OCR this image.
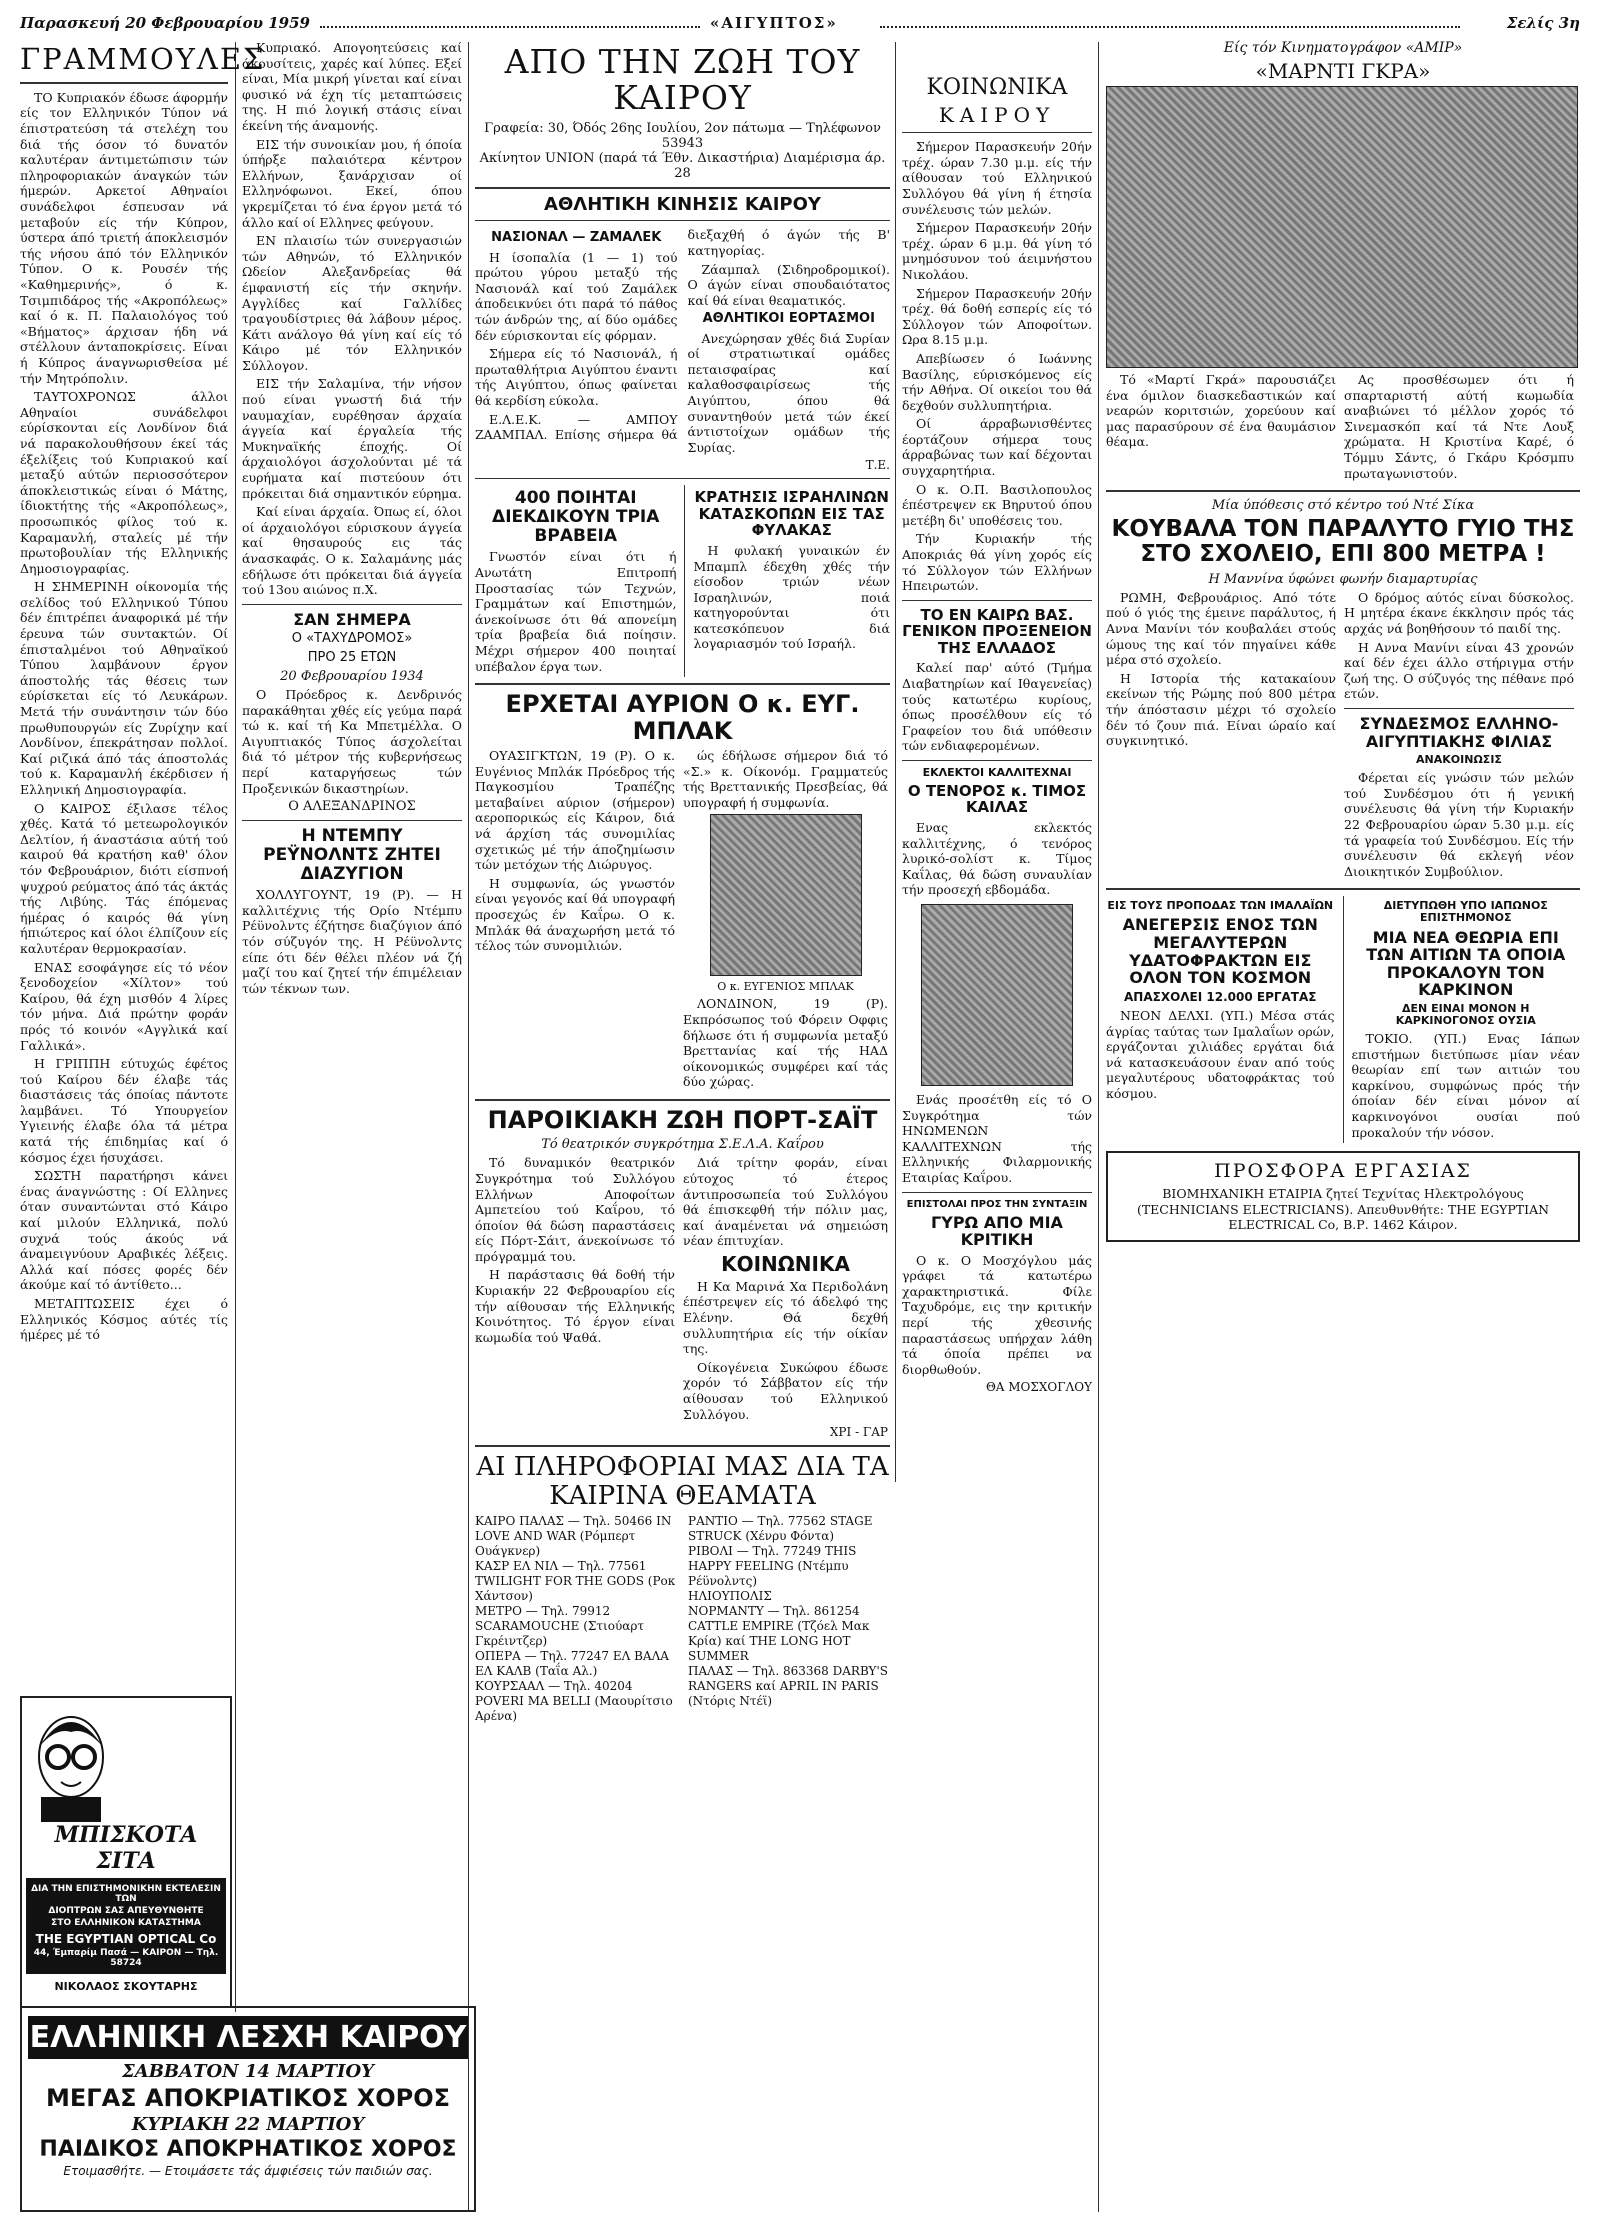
Παρασκευή 20 Φεβρουαρίου 1959	«ΑΙΓΥΠΤΟΣ»	Σελίς 3η
ΓΡΑΜΜΟΥΛΕΣ

ΤΟ Κυπριακόν έδωσε άφορμήν είς τον Ελληνικόν Τύπον νά έπιστρατεύση τά στελέχη του διά τής όσον τό δυνατόν καλυτέραν άντιμετώπισιν τών πληροφοριακών άναγκών τών ήμερών. Αρκετοί Αθηναίοι συνάδελφοι έσπευσαν νά μεταβούν είς τήν Κύπρον, ύστερα άπό τριετή άποκλεισμόν τής νήσου άπό τόν Ελληνικόν Τύπον. Ο κ. Ρουσέν τής «Καθημερινής», ό κ. Τσιμπιδάρος τής «Ακροπόλεως» καί ό κ. Π. Παλαιολόγος τού «Βήματος» άρχισαν ήδη νά στέλλουν άνταποκρίσεις. Είναι ή Κύπρος άναγνωρισθείσα μέ τήν Μητρόπολιν.

ΤΑΥΤΟΧΡΟΝΩΣ άλλοι Αθηναίοι συνάδελφοι εύρίσκονται είς Λονδίνον διά νά παρακολουθήσουν έκεί τάς έξελίξεις τού Κυπριακού καί μεταξύ αύτών περιοσσότερον άποκλειστικώς είναι ό Μάτης, ίδιοκτήτης τής «Ακροπόλεως», προσωπικός φίλος τού κ. Καραμανλή, σταλείς μέ τήν πρωτοβουλίαν τής Ελληνικής Δημοσιογραφίας.

Η ΣΗΜΕΡΙΝΗ οίκονομία τής σελίδος τού Ελληνικού Τύπου δέν έπιτρέπει άναφορικά μέ τήν έρευνα τών συντακτών. Οί έπισταλμένοι τού Αθηναϊκού Τύπου λαμβάνουν έργον άποστολής τάς θέσεις των εύρίσκεται είς τό Λευκάρων. Μετά τήν συνάντησιν τών δύο πρωθυπουργών είς Ζυρίχην καί Λονδίνον, έπεκράτησαν πολλοί. Καί ριζικά άπό τάς άποστολάς τού κ. Καραμανλή έκέρδισεν ή Ελληνική Δημοσιογραφία.

Ο ΚΑΙΡΟΣ έξιλασε τέλος χθές. Κατά τό μετεωρολογικόν Δελτίον, ή άναστάσια αύτή τού καιρού θά κρατήση καθ' όλον τόν Φεβρουάριον, διότι είσπνοή ψυχρού ρεύματος άπό τάς άκτάς τής Λιβύης. Τάς έπόμενας ήμέρας ό καιρός θά γίνη ήπιώτερος καί όλοι έλπίζουν είς καλυτέραν θερμοκρασίαν.

ΕΝΑΣ εσοφάγησε είς τό νέον ξενοδοχείον «Χίλτον» τού Καίρου, θά έχη μισθόν 4 λίρες τόν μήνα. Διά πρώτην φοράν πρός τό κοινόν «Αγγλικά καί Γαλλικά».

Η ΓΡΙΠΠΗ εύτυχώς έφέτος τού Καίρου δέν έλαβε τάς διαστάσεις τάς όποίας πάντοτε λαμβάνει. Τό Υπουργείον Υγιεινής έλαβε όλα τά μέτρα κατά τής έπιδημίας καί ό κόσμος έχει ήσυχάσει.

ΣΩΣΤΗ παρατήρησι κάνει ένας άναγνώστης : Οί Ελληνες όταν συναντώνται στό Κάιρο καί μιλούν Ελληνικά, πολύ συχνά τούς άκούς νά άναμειγνύουν Αραβικές λέξεις. Αλλά καί πόσες φορές δέν άκούμε καί τό άντίθετο...

ΜΕΤΑΠΤΩΣΕΙΣ έχει ό Ελληνικός Κόσμος αύτές τίς ήμέρες μέ τό

ΜΠΙΣΚΟΤΑ ΣΙΤΑ
ΔΙΑ ΤΗΝ ΕΠΙΣΤΗΜΟΝΙΚΗΝ ΕΚΤΕΛΕΣΙΝ ΤΩΝ
ΔΙΟΠΤΡΩΝ ΣΑΣ ΑΠΕΥΘΥΝΘΗΤΕ
ΣΤΟ ΕΛΛΗΝΙΚΟΝ ΚΑΤΑΣΤΗΜΑ
THE EGYPTIAN OPTICAL Co
44, Έμπαρίμ Πασά — ΚΑΙΡΟΝ — Τηλ. 58724
ΝΙΚΟΛΑΟΣ ΣΚΟΥΤΑΡΗΣ

Κυπριακό. Απογοητεύσεις καί άκουσίτεις, χαρές καί λύπες. Εξεί είναι, Μία μικρή γίνεται καί είναι φυσικό νά έχη τίς μεταπτώσεις της. Η πιό λογική στάσις είναι έκείνη τής άναμονής.

ΕΙΣ τήν συνοικίαν μου, ή όποία ύπήρξε παλαιότερα κέντρον Ελλήνων, ξανάρχισαν οί Ελληνόφωνοι. Εκεί, όπου γκρεμίζεται τό ένα έργον μετά τό άλλο καί οί Ελληνες φεύγουν.

ΕΝ πλαισίω τών συνεργασιών τών Αθηνών, τό Ελληνικόν Ωδείον Αλεξανδρείας θά έμφανιστή είς τήν σκηνήν. Αγγλίδες καί Γαλλίδες τραγουδίστριες θά λάβουν μέρος. Κάτι ανάλογο θά γίνη καί είς τό Κάιρο μέ τόν Ελληνικόν Σύλλογον.

ΕΙΣ τήν Σαλαμίνα, τήν νήσον πού είναι γνωστή διά τήν ναυμαχίαν, ευρέθησαν άρχαία άγγεία καί έργαλεία τής Μυκηναϊκής έποχής. Οί άρχαιολόγοι άσχολούνται μέ τά ευρήματα καί πιστεύουν ότι πρόκειται διά σημαντικόν εύρημα.

Καί είναι άρχαία. Όπως εί, όλοι οί άρχαιολόγοι εύρισκουν άγγεία καί θησαυρούς εις τάς άνασκαφάς. Ο κ. Σαλαμάνης μάς εδήλωσε ότι πρόκειται διά άγγεία τού 13ου αιώνος π.Χ.

ΣΑΝ ΣΗΜΕΡΑ
Ο «ΤΑΧΥΔΡΟΜΟΣ»
ΠΡΟ 25 ΕΤΩΝ
20 Φεβρουαρίου 1934

Ο Πρόεδρος κ. Δενδρινός παρακάθηται χθές είς γεύμα παρά τώ κ. καί τή Κα Μπετμέλλα. Ο Αιγυπτιακός Τύπος άσχολείται διά τό μέτρον τής κυβερνήσεως περί καταργήσεως τών Προξενικών δικαστηρίων.

Ο ΑΛΕΞΑΝΔΡΙΝΟΣ
Η ΝΤΕΜΠΥ ΡΕΫΝΟΛΝΤΣ ΖΗΤΕΙ ΔΙΑΖΥΓΙΟΝ

ΧΟΛΛΥΓΟΥΝΤ, 19 (Ρ). — Η καλλιτέχνις τής Ορίο Ντέμπυ Ρέϋνολντς έζήτησε διαζύγιον άπό τόν σύζυγόν της. Η Ρέϋνολντς είπε ότι δέν θέλει πλέον νά ζή μαζί του καί ζητεί τήν έπιμέλειαν τών τέκνων των.

ΕΛΛΗΝΙΚΗ ΛΕΣΧΗ ΚΑΙΡΟΥ
ΣΑΒΒΑΤΟΝ 14 ΜΑΡΤΙΟΥ
ΜΕΓΑΣ ΑΠΟΚΡΙΑΤΙΚΟΣ ΧΟΡΟΣ
ΚΥΡΙΑΚΗ 22 ΜΑΡΤΙΟΥ
ΠΑΙΔΙΚΟΣ ΑΠΟΚΡΗΑΤΙΚΟΣ ΧΟΡΟΣ
Ετοιμασθήτε. — Ετοιμάσετε τάς άμφιέσεις τών παιδιών σας.
ΑΠΟ ΤΗΝ ΖΩΗ ΤΟΥ ΚΑΙΡΟΥ
Γραφεία: 30, Όδός 26ης Ιουλίου, 2ον πάτωμα — Τηλέφωνον 53943
Ακίνητον UNION (παρά τά Έθν. Δικαστήρια) Διαμέρισμα άρ. 28
ΑΘΛΗΤΙΚΗ ΚΙΝΗΣΙΣ ΚΑΙΡΟΥ
ΝΑΣΙΟΝΑΛ — ΖΑΜΑΛΕΚ

Η ίσοπαλία (1 — 1) τού πρώτου γύρου μεταξύ τής Νασιονάλ καί τού Ζαμάλεκ άποδεικνύει ότι παρά τό πάθος τών άνδρών της, αί δύο ομάδες δέν εύρισκονται είς φόρμαν.

Σήμερα είς τό Νασιονάλ, ή πρωταθλήτρια Αιγύπτου έναντι τής Αιγύπτου, όπως φαίνεται θά κερδίση εύκολα.

Ε.Λ.Ε.Κ. — ΑΜΠΟΥ ΖΑΑΜΠΑΛ. Επίσης σήμερα θά διεξαχθή ό άγών τής Β' κατηγορίας.

Ζάαμπαλ (Σιδηροδρομικοί). Ο άγών είναι σπουδαιότατος καί θά είναι θεαματικός.

ΑΘΛΗΤΙΚΟΙ ΕΟΡΤΑΣΜΟΙ

Ανεχώρησαν χθές διά Συρίαν οί στρατιωτικαί ομάδες πεταισφαίρας καί καλαθοσφαιρίσεως τής Αιγύπτου, όπου θά συναντηθούν μετά τών έκεί άντιστοίχων ομάδων τής Συρίας.

Τ.Ε.
400 ΠΟΙΗΤΑΙ ΔΙΕΚΔΙΚΟΥΝ ΤΡΙΑ ΒΡΑΒΕΙΑ

Γνωστόν είναι ότι ή Ανωτάτη Επιτροπή Προστασίας τών Τεχνών, Γραμμάτων καί Επιστημών, άνεκοίνωσε ότι θά απονείμη τρία βραβεία διά ποίησιν. Μέχρι σήμερον 400 ποιηταί υπέβαλον έργα των.

ΚΡΑΤΗΣΙΣ ΙΣΡΑΗΛΙΝΩΝ ΚΑΤΑΣΚΟΠΩΝ ΕΙΣ ΤΑΣ ΦΥΛΑΚΑΣ

Η φυλακή γυναικών έν Μπαμπλ έδεχθη χθές τήν είσοδον τριών νέων Ισραηλινών, ποιά κατηγορούνται ότι κατεσκόπευον διά λογαριασμόν τού Ισραήλ.

ΕΡΧΕΤΑΙ ΑΥΡΙΟΝ Ο κ. ΕΥΓ. ΜΠΛΑΚ

ΟΥΑΣΙΓΚΤΩΝ, 19 (Ρ). Ο κ. Ευγένιος Μπλάκ Πρόεδρος τής Παγκοσμίου Τραπέζης μεταβαίνει αύριον (σήμερον) αεροπορικώς είς Κάιρον, διά νά άρχίση τάς συνομιλίας σχετικώς μέ τήν άποζημίωσιν τών μετόχων τής Διώρυγος.

Η συμφωνία, ώς γνωστόν είναι γεγονός καί θά υπογραφή προσεχώς έν Καΐρω. Ο κ. Μπλάκ θά άναχωρήση μετά τό τέλος τών συνομιλιών.

ώς έδήλωσε σήμερον διά τό «Σ.» κ. Οίκονόμ. Γραμματεύς τής Βρεττανικής Πρεσβείας, θά υπογραφή ή συμφωνία.

Ο κ. ΕΥΓΕΝΙΟΣ ΜΠΛΑΚ

ΛΟΝΔΙΝΟΝ, 19 (Ρ). Εκπρόσωπος τού Φόρειν Οφφις δήλωσε ότι ή συμφωνία μεταξύ Βρεττανίας καί τής ΗΑΔ οίκονομικώς συμφέρει καί τάς δύο χώρας.

ΠΑΡΟΙΚΙΑΚΗ ΖΩΗ ΠΟΡΤ-ΣΑΪΤ
Τό θεατρικόν συγκρότημα Σ.Ε.Λ.Α. Καΐρου

Τό δυναμικόν θεατρικόν Συγκρότημα τού Συλλόγου Ελλήνων Αποφοίτων Αμπετείου τού Καΐρου, τό όποίον θά δώση παραστάσεις είς Πόρτ-Σάιτ, άνεκοίνωσε τό πρόγραμμά του.

Η παράστασις θά δοθή τήν Κυριακήν 22 Φεβρουαρίου είς τήν αίθουσαν τής Ελληνικής Κοινότητος. Τό έργον είναι κωμωδία τού Ψαθά.

Διά τρίτην φοράν, είναι εύτοχος τό έτερος άντιπροσωπεία τού Συλλόγου θά έπισκεφθή τήν πόλιν μας, καί άναμένεται νά σημειώση νέαν έπιτυχίαν.

ΚΟΙΝΩΝΙΚΑ

Η Κα Μαρινά Χα Περιδολάνη έπέστρεψεν είς τό άδελφό της Ελένην. Θά δεχθή συλλυπητήρια είς τήν οίκίαν της.

Οίκογένεια Συκώφου έδωσε χορόν τό Σάββατον είς τήν αίθουσαν τού Ελληνικού Συλλόγου.

ΧΡΙ - ΓΑΡ
ΑΙ ΠΛΗΡΟΦΟΡΙΑΙ ΜΑΣ ΔΙΑ ΤΑ ΚΑΙΡΙΝΑ ΘΕΑΜΑΤΑ

ΚΑΙΡΟ ΠΑΛΑΣ — Τηλ. 50466 IN LOVE AND WAR (Ρόμπερτ Ουάγκνερ)

ΚΑΣΡ ΕΛ ΝΙΛ — Τηλ. 77561 TWILIGHT FOR THE GODS (Ροκ Χάντσον)

ΜΕΤΡΟ — Τηλ. 79912 SCARAMOUCHE (Στιούαρτ Γκρέιντζερ)

ΟΠΕΡΑ — Τηλ. 77247 ΕΛ ΒΑΛΑ ΕΛ ΚΑΛΒ (Ταΐα Αλ.)

ΚΟΥΡΣΑΑΛ — Τηλ. 40204 POVERI MA BELLI (Μαουρίτσιο Αρένα)

ΡΑΝΤΙΟ — Τηλ. 77562 STAGE STRUCK (Χένρυ Φόντα)

ΡΙΒΟΛΙ — Τηλ. 77249 THIS HAPPY FEELING (Ντέμπυ Ρέϋνολντς)

ΗΛΙΟΥΠΟΛΙΣ

ΝΟΡΜΑΝΤΥ — Τηλ. 861254 CATTLE EMPIRE (Τζόελ Μακ Κρία) καί THE LONG HOT SUMMER

ΠΑΛΑΣ — Τηλ. 863368 DARBY'S RANGERS καί APRIL IN PARIS (Ντόρις Ντέϊ)

ΚΟΙΝΩΝΙΚΑ
ΚΑΙΡΟΥ

Σήμερον Παρασκευήν 20ήν τρέχ. ώραν 7.30 μ.μ. είς τήν αίθουσαν τού Ελληνικού Συλλόγου θά γίνη ή έτησία συνέλευσις τών μελών.

Σήμερον Παρασκευήν 20ήν τρέχ. ώραν 6 μ.μ. θά γίνη τό μνημόσυνον τού άειμνήστου Νικολάου.

Σήμερον Παρασκευήν 20ήν τρέχ. θά δοθή εσπερίς είς τό Σύλλογον τών Αποφοίτων. Ωρα 8.15 μ.μ.

Απεβίωσεν ό Ιωάννης Βασίλης, εύρισκόμενος είς τήν Αθήνα. Οί οικείοι του θά δεχθούν συλλυπητήρια.

Οί άρραβωνισθέντες έορτάζουν σήμερα τους άρραβώνας των καί δέχονται συγχαρητήρια.

Ο κ. Ο.Π. Βασιλοπουλος έπέστρεψεν εκ Βηρυτού όπου μετέβη δι' υποθέσεις του.

Τήν Κυριακήν τής Αποκριάς θά γίνη χορός είς τό Σύλλογον τών Ελλήνων Ηπειρωτών.

ΤΟ ΕΝ ΚΑΙΡΩ ΒΑΣ. ΓΕΝΙΚΟΝ ΠΡΟΞΕΝΕΙΟΝ ΤΗΣ ΕΛΛΑΔΟΣ

Καλεί παρ' αύτό (Τμήμα Διαβατηρίων καί Ιθαγενείας) τούς κατωτέρω κυρίους, όπως προσέλθουν είς τό Γραφείον του διά υπόθεσιν τών ενδιαφερομένων.

ΕΚΛΕΚΤΟΙ ΚΑΛΛΙΤΕΧΝΑΙ
Ο ΤΕΝΟΡΟΣ κ. ΤΙΜΟΣ ΚΑΙΛΑΣ

Ενας εκλεκτός καλλιτέχνης, ό τενόρος λυρικό-σολίστ κ. Τίμος Καΐλας, θά δώση συναυλίαν τήν προσεχή εβδομάδα.

Ενάς προσέτθη είς τό Ο Συγκρότημα τών ΗΝΩΜΕΝΩΝ ΚΑΛΛΙΤΕΧΝΩΝ τής Ελληνικής Φιλαρμονικής Εταιρίας Καΐρου.

ΕΠΙΣΤΟΛΑΙ ΠΡΟΣ ΤΗΝ ΣΥΝΤΑΞΙΝ
ΓΥΡΩ ΑΠΟ ΜΙΑ ΚΡΙΤΙΚΗ

Ο κ. Ο Μοσχόγλου μάς γράφει τά κατωτέρω χαρακτηριστικά. Φίλε Ταχυδρόμε, εις την κριτικήν περί τής χθεσινής παραστάσεως υπήρχαν λάθη τά όποία πρέπει να διορθωθούν.

ΘΑ ΜΟΣΧΟΓΛΟΥ
Είς τόν Κινηματογράφον «ΑΜΙΡ»
«ΜΑΡΝΤΙ ΓΚΡΑ»

Τό «Μαρτί Γκρά» παρουσιάζει ένα όμιλον διασκεδαστικών καί νεαρών κοριτσιών, χορεύουν καί μας παρασύρουν σέ ένα θαυμάσιον θέαμα.

Ας προσθέσωμεν ότι ή σπαρταριστή αύτή κωμωδία αναβιώνει τό μέλλον χορός τό Σινεμασκόπ καί τά Ντε Λουξ χρώματα. Η Κριστίνα Καρέ, ό Τόμμυ Σάντς, ό Γκάρυ Κρόσμπυ πρωταγωνιστούν.

Μία ύπόθεσις στό κέντρο τού Ντέ Σίκα
ΚΟΥΒΑΛΑ ΤΟΝ ΠΑΡΑΛΥΤΟ ΓΥΙΟ ΤΗΣ ΣΤΟ ΣΧΟΛΕΙΟ, ΕΠΙ 800 ΜΕΤΡΑ !
Η Μαννίνα ύφώνει φωνήν διαμαρτυρίας

ΡΩΜΗ, Φεβρουάριος. Από τότε πού ό γιός της έμεινε παράλυτος, ή Αννα Μανίνι τόν κουβαλάει στούς ώμους της καί τόν πηγαίνει κάθε μέρα στό σχολείο.

Η Ιστορία τής κατακαίουν εκείνων τής Ρώμης πού 800 μέτρα τήν άπόστασιν μέχρι τό σχολείο δέν τό ζουν πιά. Είναι ώραίο καί συγκινητικό.

Ο δρόμος αύτός είναι δύσκολος. Η μητέρα έκανε έκκλησιν πρός τάς αρχάς νά βοηθήσουν τό παιδί της.

Η Αννα Μανίνι είναι 43 χρονών καί δέν έχει άλλο στήριγμα στήν ζωή της. Ο σύζυγός της πέθανε πρό ετών.

ΣΥΝΔΕΣΜΟΣ ΕΛΛΗΝΟ-ΑΙΓΥΠΤΙΑΚΗΣ ΦΙΛΙΑΣ
ΑΝΑΚΟΙΝΩΣΙΣ

Φέρεται είς γνώσιν τών μελών τού Συνδέσμου ότι ή γενική συνέλευσις θά γίνη τήν Κυριακήν 22 Φεβρουαρίου ώραν 5.30 μ.μ. είς τά γραφεία τού Συνδέσμου. Είς τήν συνέλευσιν θά εκλεγή νέον Διοικητικόν Συμβούλιον.

ΕΙΣ ΤΟΥΣ ΠΡΟΠΟΔΑΣ ΤΩΝ ΙΜΑΛΑΪΩΝ
ΑΝΕΓΕΡΣΙΣ ΕΝΟΣ ΤΩΝ ΜΕΓΑΛΥΤΕΡΩΝ ΥΔΑΤΟΦΡΑΚΤΩΝ ΕΙΣ ΟΛΟΝ ΤΟΝ ΚΟΣΜΟΝ
ΑΠΑΣΧΟΛΕΙ 12.000 ΕΡΓΑΤΑΣ

ΝΕΟΝ ΔΕΛΧΙ. (ΥΠ.) Μέσα στάς άγρίας ταύτας των Ιμαλαΐων ορών, εργάζονται χιλιάδες εργάται διά νά κατασκευάσουν έναν από τούς μεγαλυτέρους υδατοφράκτας τού κόσμου.

ΔΙΕΤΥΠΩΘΗ ΥΠΟ ΙΑΠΩΝΟΣ ΕΠΙΣΤΗΜΟΝΟΣ
ΜΙΑ ΝΕΑ ΘΕΩΡΙΑ ΕΠΙ ΤΩΝ ΑΙΤΙΩΝ ΤΑ ΟΠΟΙΑ ΠΡΟΚΑΛΟΥΝ ΤΟΝ ΚΑΡΚΙΝΟΝ
ΔΕΝ ΕΙΝΑΙ ΜΟΝΟΝ Η ΚΑΡΚΙΝΟΓΟΝΟΣ ΟΥΣΙΑ

ΤΟΚΙΟ. (ΥΠ.) Ενας Ιάπων επιστήμων διετύπωσε μίαν νέαν θεωρίαν επί των αιτιών του καρκίνου, συμφώνως πρός τήν όποίαν δέν είναι μόνον αί καρκινογόνοι ουσίαι πού προκαλούν τήν νόσον.

ΠΡΟΣΦΟΡΑ ΕΡΓΑΣΙΑΣ

ΒΙΟΜΗΧΑΝΙΚΗ ΕΤΑΙΡΙΑ ζητεί Τεχνίτας Ηλεκτρολόγους (TECHNICIANS ELECTRICIANS). Απευθυνθήτε: THE EGYPTIAN ELECTRICAL Co, Β.Ρ. 1462 Κάιρον.
